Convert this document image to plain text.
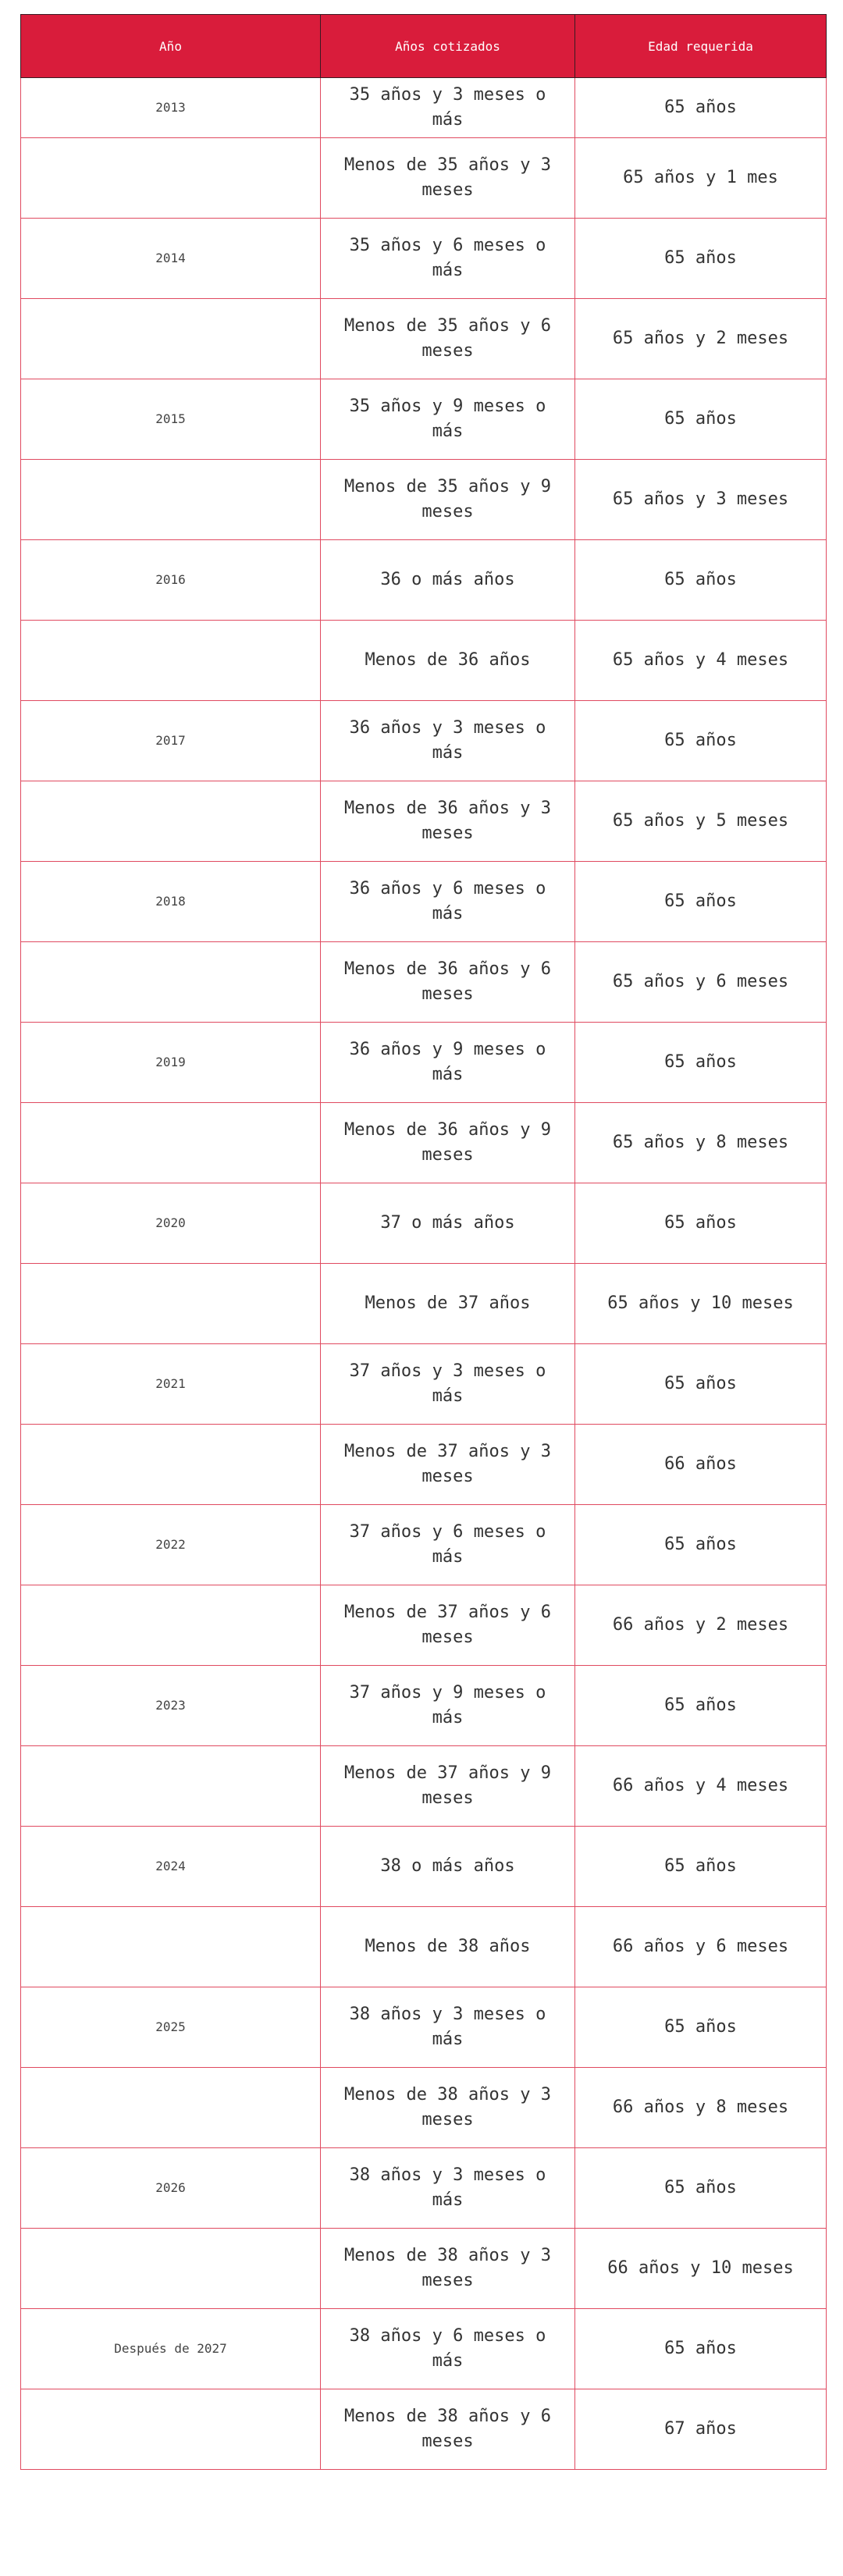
Año	Años cotizados	Edad requerida
2013	35 años y 3 meses o más	65 años
	Menos de 35 años y 3 meses	65 años y 1 mes
2014	35 años y 6 meses o más	65 años
	Menos de 35 años y 6 meses	65 años y 2 meses
2015	35 años y 9 meses o más	65 años
	Menos de 35 años y 9 meses	65 años y 3 meses
2016	36 o más años	65 años
	Menos de 36 años	65 años y 4 meses
2017	36 años y 3 meses o más	65 años
	Menos de 36 años y 3 meses	65 años y 5 meses
2018	36 años y 6 meses o más	65 años
	Menos de 36 años y 6 meses	65 años y 6 meses
2019	36 años y 9 meses o más	65 años
	Menos de 36 años y 9 meses	65 años y 8 meses
2020	37 o más años	65 años
	Menos de 37 años	65 años y 10 meses
2021	37 años y 3 meses o más	65 años
	Menos de 37 años y 3 meses	66 años
2022	37 años y 6 meses o más	65 años
	Menos de 37 años y 6 meses	66 años y 2 meses
2023	37 años y 9 meses o más	65 años
	Menos de 37 años y 9 meses	66 años y 4 meses
2024	38 o más años	65 años
	Menos de 38 años	66 años y 6 meses
2025	38 años y 3 meses o más	65 años
	Menos de 38 años y 3 meses	66 años y 8 meses
2026	38 años y 3 meses o más	65 años
	Menos de 38 años y 3 meses	66 años y 10 meses
Después de 2027	38 años y 6 meses o más	65 años
	Menos de 38 años y 6 meses	67 años
